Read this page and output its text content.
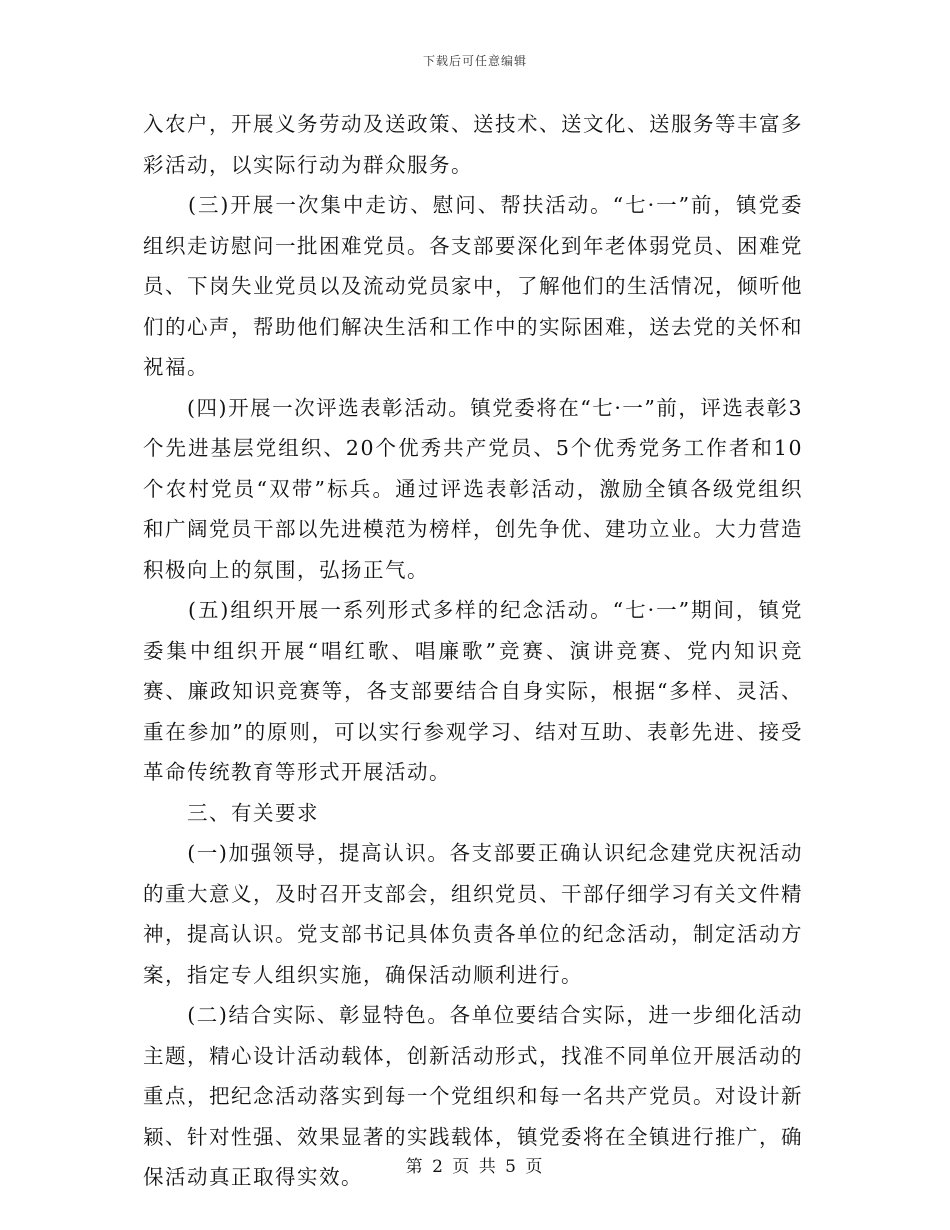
下载后可任意编辑

入农户，开展义务劳动及送政策、送技术、送文化、送服务等丰富多彩活动，以实际行动为群众服务。

　　(三)开展一次集中走访、慰问、帮扶活动。“七·一”前，镇党委组织走访慰问一批困难党员。各支部要深化到年老体弱党员、困难党员、下岗失业党员以及流动党员家中，了解他们的生活情况，倾听他们的心声，帮助他们解决生活和工作中的实际困难，送去党的关怀和祝福。

　　(四)开展一次评选表彰活动。镇党委将在“七·一”前，评选表彰3个先进基层党组织、20个优秀共产党员、5个优秀党务工作者和10个农村党员“双带”标兵。通过评选表彰活动，激励全镇各级党组织和广阔党员干部以先进模范为榜样，创先争优、建功立业。大力营造积极向上的氛围，弘扬正气。

　　(五)组织开展一系列形式多样的纪念活动。“七·一”期间，镇党委集中组织开展“唱红歌、唱廉歌”竞赛、演讲竞赛、党内知识竞赛、廉政知识竞赛等，各支部要结合自身实际，根据“多样、灵活、重在参加”的原则，可以实行参观学习、结对互助、表彰先进、接受革命传统教育等形式开展活动。

　　三、有关要求

　　(一)加强领导，提高认识。各支部要正确认识纪念建党庆祝活动的重大意义，及时召开支部会，组织党员、干部仔细学习有关文件精神，提高认识。党支部书记具体负责各单位的纪念活动，制定活动方案，指定专人组织实施，确保活动顺利进行。

　　(二)结合实际、彰显特色。各单位要结合实际，进一步细化活动主题，精心设计活动载体，创新活动形式，找准不同单位开展活动的重点，把纪念活动落实到每一个党组织和每一名共产党员。对设计新颖、针对性强、效果显著的实践载体，镇党委将在全镇进行推广，确保活动真正取得实效。	第 2 页 共 5 页
